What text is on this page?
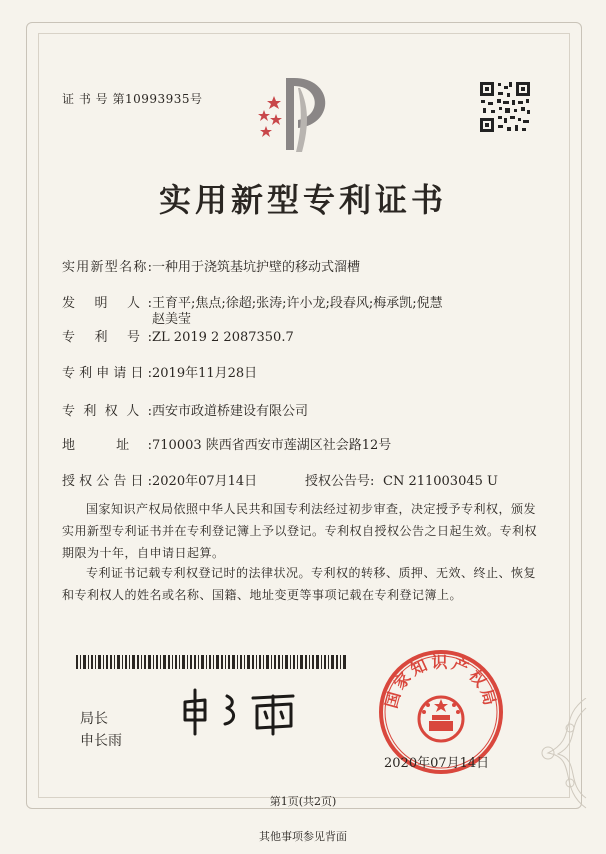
证 书 号 第10993935号
实用新型专利证书
实用新型名称:一种用于浇筑基坑护壁的移动式溜槽
发 明 人:王育平;焦点;徐超;张涛;许小龙;段春风;梅承凯;倪慧
赵美莹
专 利 号:ZL 2019 2 2087350.7
专利申请日:2019年11月28日
专利权人:西安市政道桥建设有限公司
地 址:710003 陕西省西安市莲湖区社会路12号
授权公告日:2020年07月14日	授权公告号: CN 211003045 U
国家知识产权局依照中华人民共和国专利法经过初步审查，决定授予专利权，颁发实用新型专利证书并在专利登记簿上予以登记。专利权自授权公告之日起生效。专利权期限为十年，自申请日起算。
专利证书记载专利权登记时的法律状况。专利权的转移、质押、无效、终止、恢复和专利权人的姓名或名称、国籍、地址变更等事项记载在专利登记簿上。
局长
申长雨
国家知识产权局
2020年07月14日
第1页(共2页)
其他事项参见背面
